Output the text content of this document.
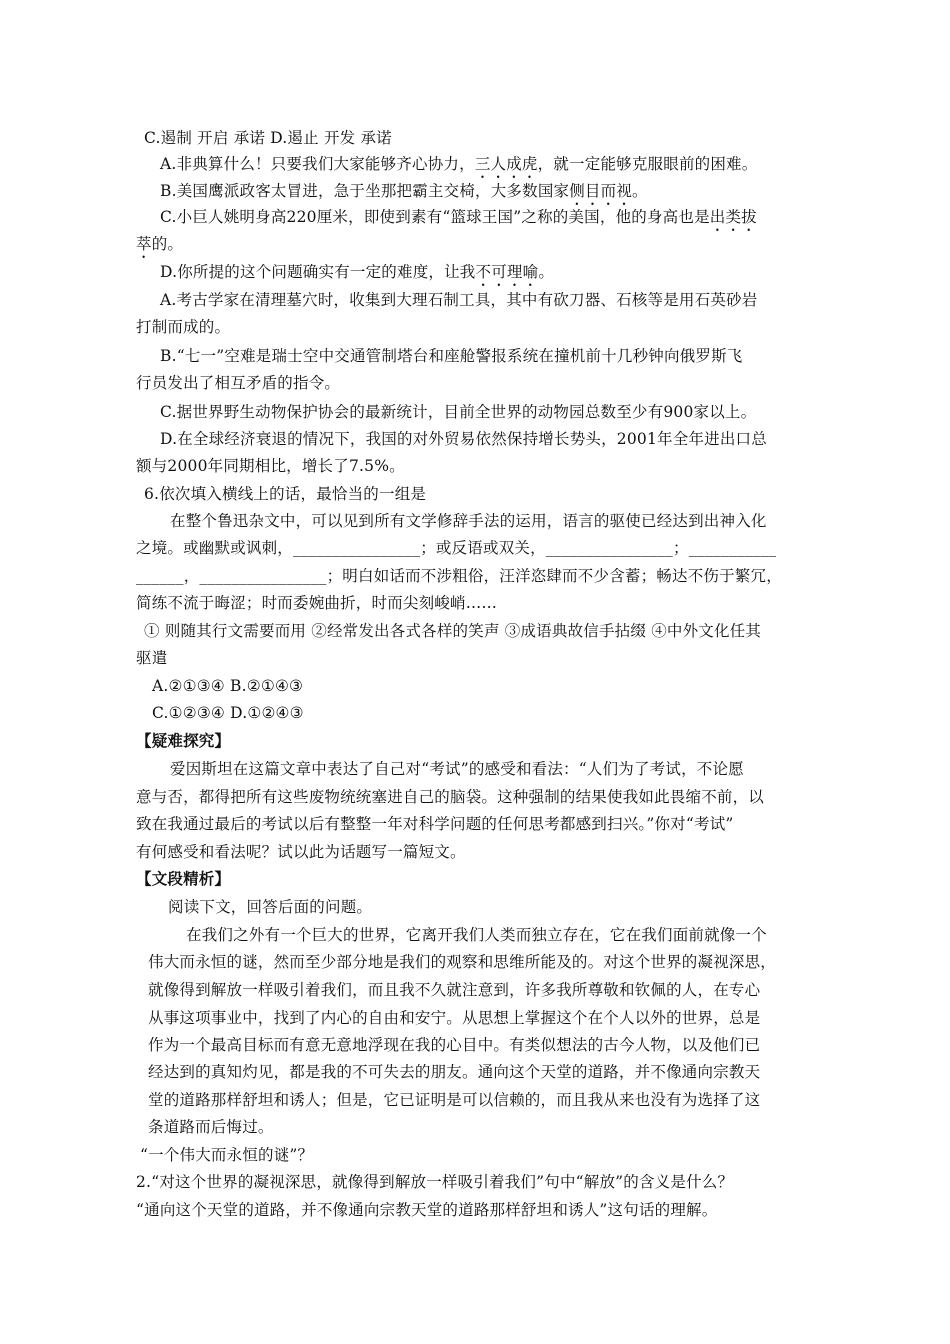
C.遏制 开启 承诺 D.遏止 开发 承诺
A.非典算什么！只要我们大家能够齐心协力，三人成虎，就一定能够克服眼前的困难。
B.美国鹰派政客太冒进，急于坐那把霸主交椅，大多数国家侧目而视。
C.小巨人姚明身高220厘米，即使到素有“篮球王国”之称的美国，他的身高也是出类拔
萃的。
D.你所提的这个问题确实有一定的难度，让我不可理喻。
A.考古学家在清理墓穴时，收集到大理石制工具，其中有砍刀器、石核等是用石英砂岩
打制而成的。
B.“七一”空难是瑞士空中交通管制塔台和座舱警报系统在撞机前十几秒钟向俄罗斯飞
行员发出了相互矛盾的指令。
C.据世界野生动物保护协会的最新统计，目前全世界的动物园总数至少有900家以上。
D.在全球经济衰退的情况下，我国的对外贸易依然保持增长势头，2001年全年进出口总
额与2000年同期相比，增长了7.5%。
6.依次填入横线上的话，最恰当的一组是
在整个鲁迅杂文中，可以见到所有文学修辞手法的运用，语言的驱使已经达到出神入化
之境。或幽默或讽刺，________________；或反语或双关，________________；___________
______，________________；明白如话而不涉粗俗，汪洋恣肆而不少含蓄；畅达不伤于繁冗，
简练不流于晦涩；时而委婉曲折，时而尖刻峻峭……
① 则随其行文需要而用 ②经常发出各式各样的笑声 ③成语典故信手拈缀 ④中外文化任其
驱遣
A.②①③④ B.②①④③
C.①②③④ D.①②④③
【疑难探究】
爱因斯坦在这篇文章中表达了自己对“考试”的感受和看法：“人们为了考试，不论愿
意与否，都得把所有这些废物统统塞进自己的脑袋。这种强制的结果使我如此畏缩不前，以
致在我通过最后的考试以后有整整一年对科学问题的任何思考都感到扫兴。”你对“考试”
有何感受和看法呢？试以此为话题写一篇短文。
【文段精析】
阅读下文，回答后面的问题。
在我们之外有一个巨大的世界，它离开我们人类而独立存在，它在我们面前就像一个
伟大而永恒的谜，然而至少部分地是我们的观察和思维所能及的。对这个世界的凝视深思，
就像得到解放一样吸引着我们，而且我不久就注意到，许多我所尊敬和钦佩的人，在专心
从事这项事业中，找到了内心的自由和安宁。从思想上掌握这个在个人以外的世界，总是
作为一个最高目标而有意无意地浮现在我的心目中。有类似想法的古今人物，以及他们已
经达到的真知灼见，都是我的不可失去的朋友。通向这个天堂的道路，并不像通向宗教天
堂的道路那样舒坦和诱人；但是，它已证明是可以信赖的，而且我从来也没有为选择了这
条道路而后悔过。
“一个伟大而永恒的谜”？
2.“对这个世界的凝视深思，就像得到解放一样吸引着我们”句中“解放”的含义是什么？
“通向这个天堂的道路，并不像通向宗教天堂的道路那样舒坦和诱人”这句话的理解。
